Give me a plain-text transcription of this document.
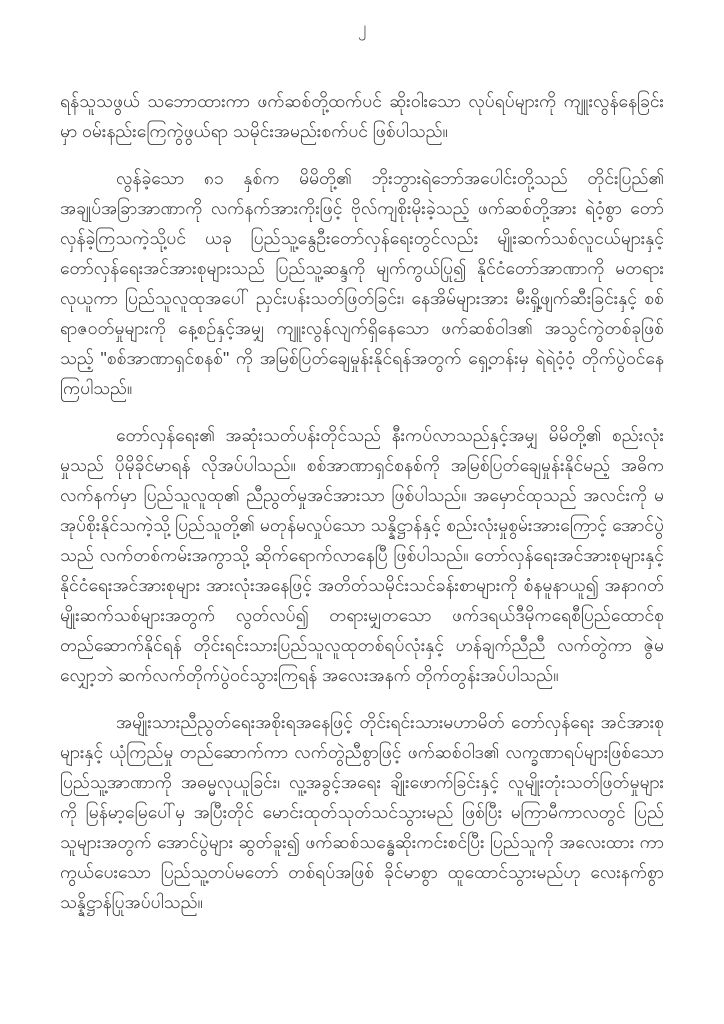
၂

ရန်သူသဖွယ် သဘောထားကာ ဖက်ဆစ်တို့ထက်ပင် ဆိုးဝါးသော လုပ်ရပ်များကို ကျူးလွန်နေခြင်းမှာ ဝမ်းနည်းကြေကွဲဖွယ်ရာ သမိုင်းအမည်းစက်ပင် ဖြစ်ပါသည်။

လွန်ခဲ့သော ၈၁ နှစ်က မိမိတို့၏ ဘိုးဘွားရဲဘော်အပေါင်းတို့သည် တိုင်းပြည်၏ အချုပ်အခြာအာဏာကို လက်နက်အားကိုးဖြင့် ဗိုလ်ကျစိုးမိုးခဲ့သည့် ဖက်ဆစ်တို့အား ရဲဝံ့စွာ တော်လှန်ခဲ့ကြသကဲ့သို့ပင် ယခု ပြည်သူ့နွေဦးတော်လှန်ရေးတွင်လည်း မျိုးဆက်သစ်လူငယ်များနှင့် တော်လှန်ရေးအင်အားစုများသည် ပြည်သူ့ဆန္ဒကို မျက်ကွယ်ပြု၍ နိုင်ငံတော်အာဏာကို မတရားလုယူကာ ပြည်သူလူထုအပေါ် ညှင်းပန်းသတ်ဖြတ်ခြင်း၊ နေအိမ်များအား မီးရှို့ဖျက်ဆီးခြင်းနှင့် စစ်ရာဇဝတ်မှုများကို နေ့စဉ်နှင့်အမျှ ကျူးလွန်လျက်ရှိနေသော ဖက်ဆစ်ဝါဒ၏ အသွင်ကွဲတစ်ခုဖြစ်သည့် "စစ်အာဏာရှင်စနစ်" ကို အမြစ်ပြတ်ချေမှုန်းနိုင်ရန်အတွက် ရှေ့တန်းမှ ရဲရဲဝံ့ဝံ့ တိုက်ပွဲဝင်နေကြပါသည်။

တော်လှန်ရေး၏ အဆုံးသတ်ပန်းတိုင်သည် နီးကပ်လာသည်နှင့်အမျှ မိမိတို့၏ စည်းလုံးမှုသည် ပိုမိုခိုင်မာရန် လိုအပ်ပါသည်။ စစ်အာဏာရှင်စနစ်ကို အမြစ်ပြတ်ချေမှုန်းနိုင်မည့် အဓိကလက်နက်မှာ ပြည်သူလူထု၏ ညီညွတ်မှုအင်အားသာ ဖြစ်ပါသည်။ အမှောင်ထုသည် အလင်းကို မအုပ်စိုးနိုင်သကဲ့သို့ ပြည်သူတို့၏ မတုန်မလှုပ်သော သန္နိဋ္ဌာန်နှင့် စည်းလုံးမှုစွမ်းအားကြောင့် အောင်ပွဲသည် လက်တစ်ကမ်းအကွာသို့ ဆိုက်ရောက်လာနေပြီ ဖြစ်ပါသည်။ တော်လှန်ရေးအင်အားစုများနှင့် နိုင်ငံရေးအင်အားစုများ အားလုံးအနေဖြင့် အတိတ်သမိုင်းသင်ခန်းစာများကို စံနမူနာယူ၍ အနာဂတ်မျိုးဆက်သစ်များအတွက် လွတ်လပ်၍ တရားမျှတသော ဖက်ဒရယ်ဒီမိုကရေစီပြည်ထောင်စု တည်ဆောက်နိုင်ရန် တိုင်းရင်းသားပြည်သူလူထုတစ်ရပ်လုံးနှင့် ဟန်ချက်ညီညီ လက်တွဲကာ ဇွဲမလျှော့ဘဲ ဆက်လက်တိုက်ပွဲဝင်သွားကြရန် အလေးအနက် တိုက်တွန်းအပ်ပါသည်။

အမျိုးသားညီညွတ်ရေးအစိုးရအနေဖြင့် တိုင်းရင်းသားမဟာမိတ် တော်လှန်ရေး အင်အားစုများနှင့် ယုံကြည်မှု တည်ဆောက်ကာ လက်တွဲညီစွာဖြင့် ဖက်ဆစ်ဝါဒ၏ လက္ခဏာရပ်များဖြစ်သော ပြည်သူ့အာဏာကို အဓမ္မလုယူခြင်း၊ လူ့အခွင့်အရေး ချိုးဖောက်ခြင်းနှင့် လူမျိုးတုံးသတ်ဖြတ်မှုများကို မြန်မာ့မြေပေါ်မှ အပြီးတိုင် မောင်းထုတ်သုတ်သင်သွားမည် ဖြစ်ပြီး မကြာမီကာလတွင် ပြည်သူများအတွက် အောင်ပွဲများ ဆွတ်ခူး၍ ဖက်ဆစ်သန္ဓေဆိုးကင်းစင်ပြီး ပြည်သူကို အလေးထား ကာကွယ်ပေးသော ပြည်သူ့တပ်မတော် တစ်ရပ်အဖြစ် ခိုင်မာစွာ ထူထောင်သွားမည်ဟု လေးနက်စွာ သန္နိဋ္ဌာန်ပြုအပ်ပါသည်။
